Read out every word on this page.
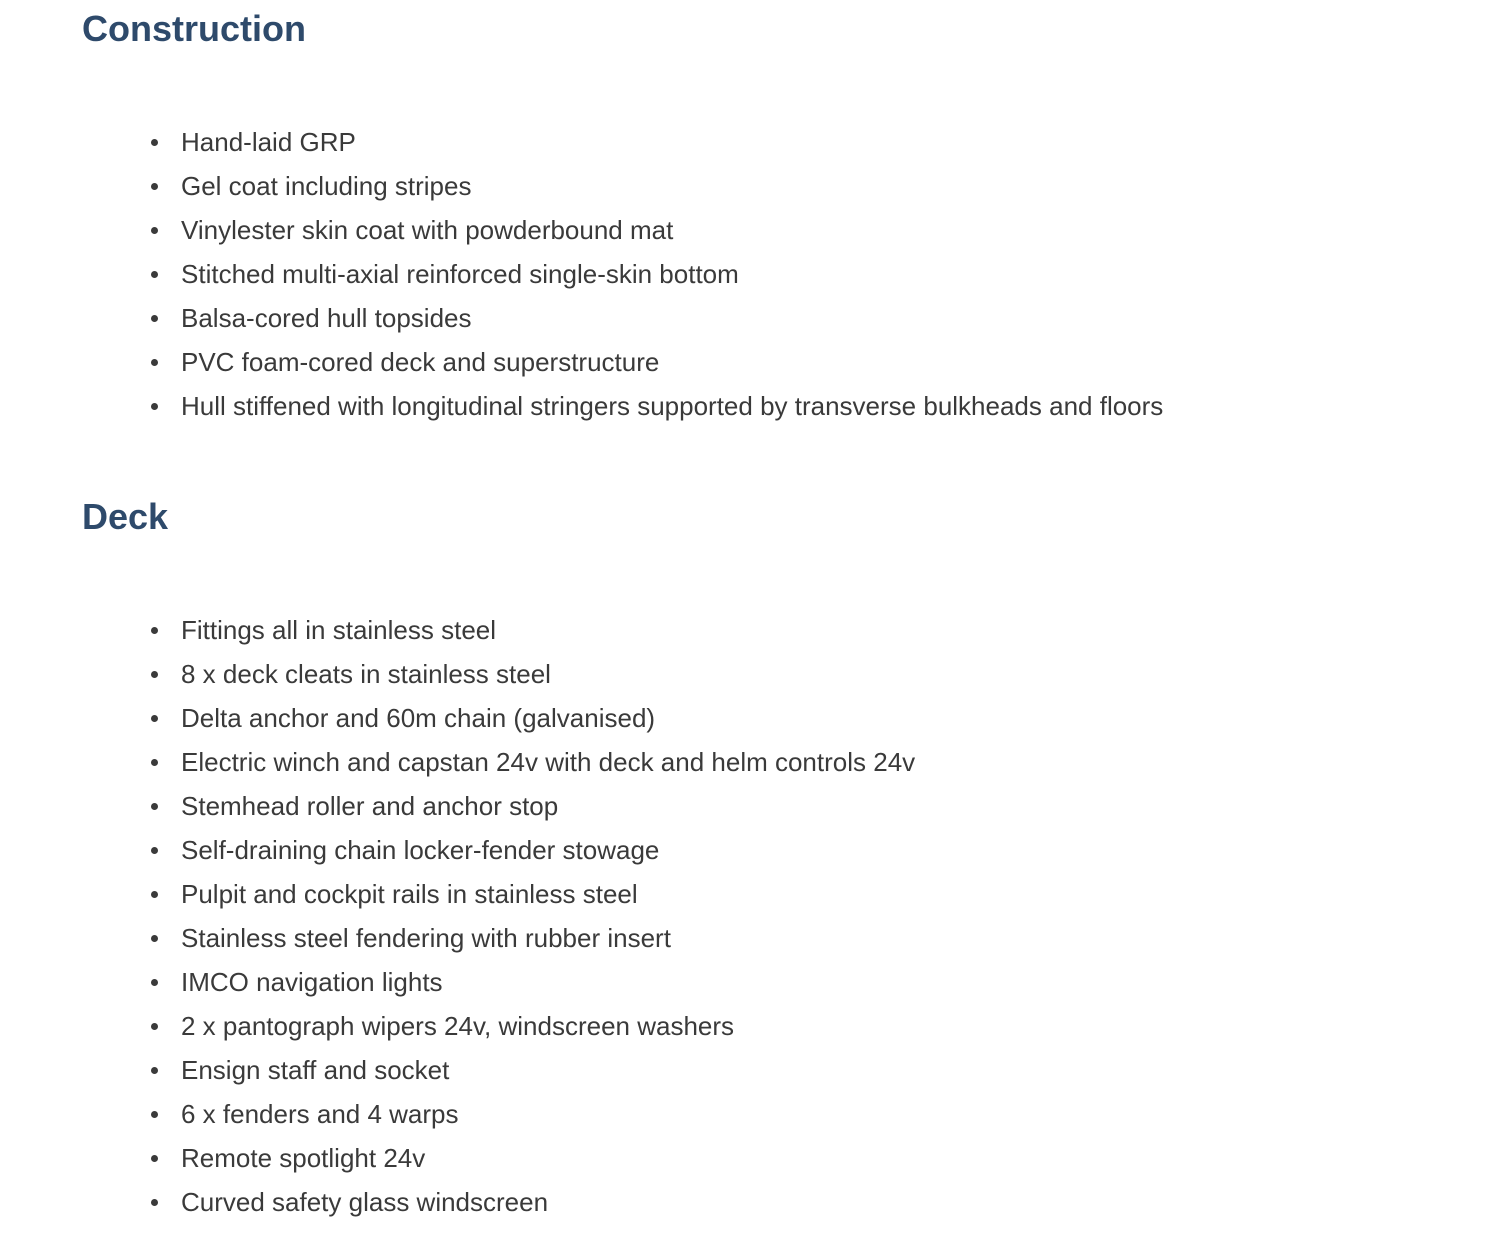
Construction
Hand-laid GRP
Gel coat including stripes
Vinylester skin coat with powderbound mat
Stitched multi-axial reinforced single-skin bottom
Balsa-cored hull topsides
PVC foam-cored deck and superstructure
Hull stiffened with longitudinal stringers supported by transverse bulkheads and floors
Deck
Fittings all in stainless steel
8 x deck cleats in stainless steel
Delta anchor and 60m chain (galvanised)
Electric winch and capstan 24v with deck and helm controls 24v
Stemhead roller and anchor stop
Self-draining chain locker-fender stowage
Pulpit and cockpit rails in stainless steel
Stainless steel fendering with rubber insert
IMCO navigation lights
2 x pantograph wipers 24v, windscreen washers
Ensign staff and socket
6 x fenders and 4 warps
Remote spotlight 24v
Curved safety glass windscreen
